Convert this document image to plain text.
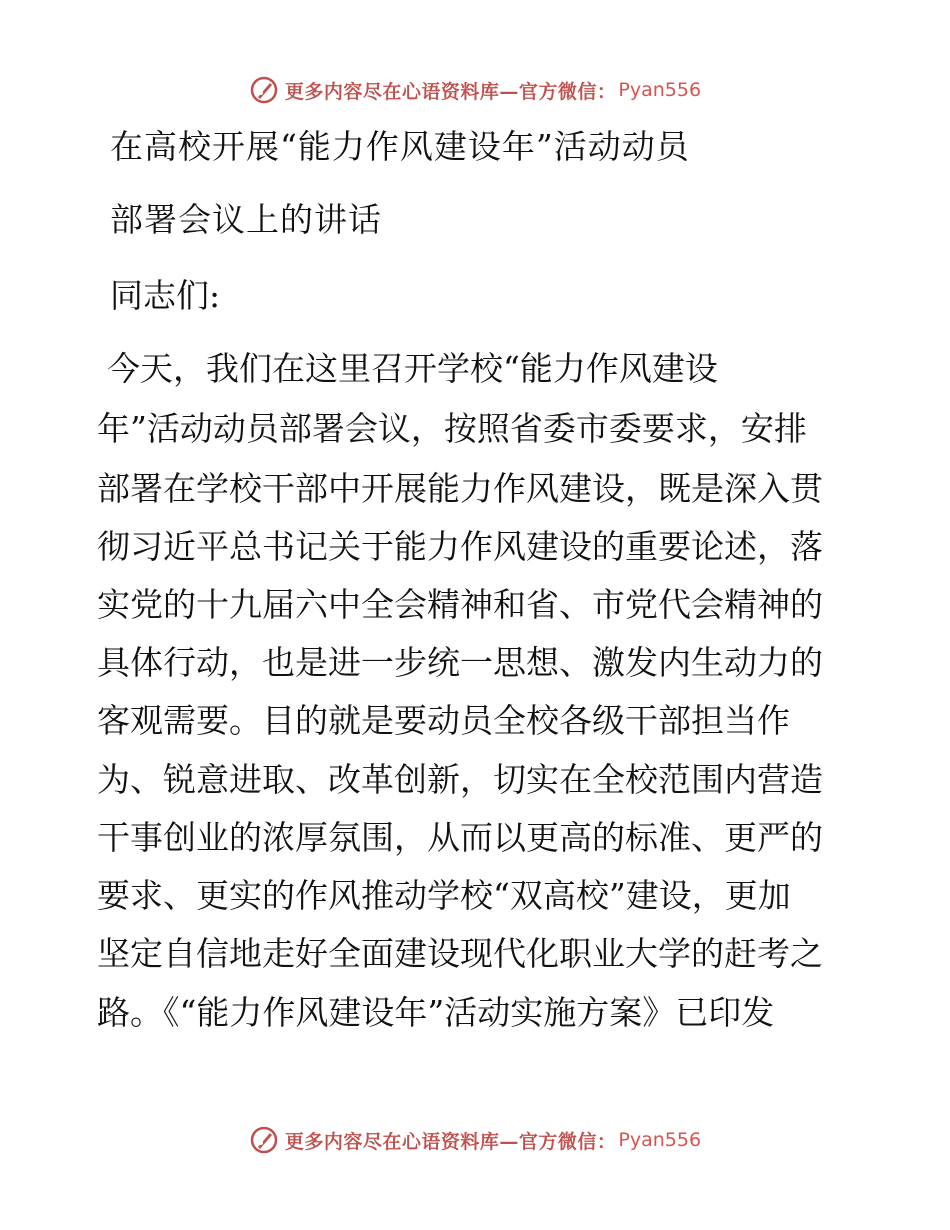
更多内容尽在心语资料库—官方微信： Pyan556
在高校开展“能力作风建设年”活动动员
部署会议上的讲话
同志们:
今天，我们在这里召开学校“能力作风建设
年”活动动员部署会议，按照省委市委要求，安排
部署在学校干部中开展能力作风建设，既是深入贯
彻习近平总书记关于能力作风建设的重要论述，落
实党的十九届六中全会精神和省、市党代会精神的
具体行动，也是进一步统一思想、激发内生动力的
客观需要。目的就是要动员全校各级干部担当作
为、锐意进取、改革创新，切实在全校范围内营造
干事创业的浓厚氛围，从而以更高的标准、更严的
要求、更实的作风推动学校“双高校”建设，更加
坚定自信地走好全面建设现代化职业大学的赶考之
路。《“能力作风建设年”活动实施方案》已印发
更多内容尽在心语资料库—官方微信： Pyan556
